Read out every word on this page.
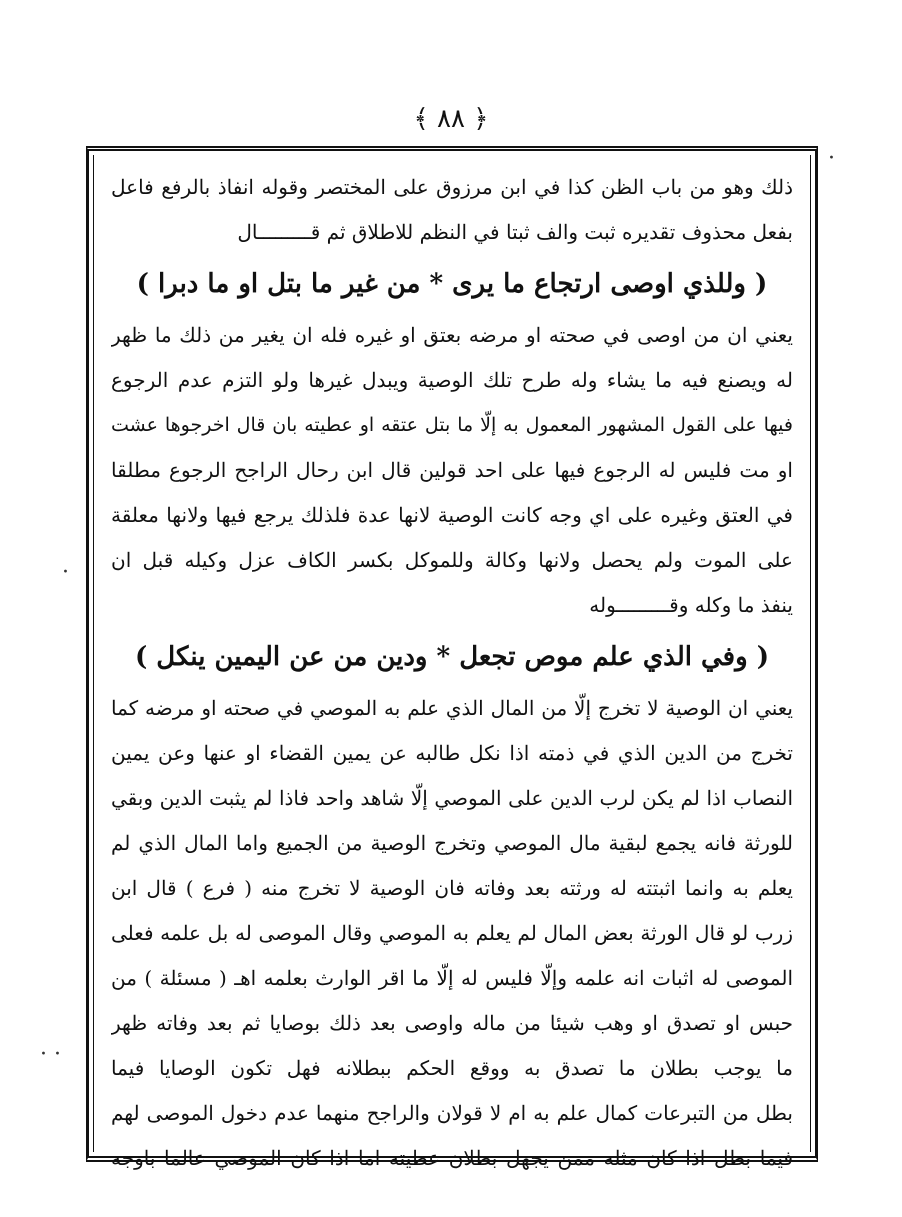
﴿ ٨٨ ﴾
·
·
· ·
ذلك وهو من باب الظن كذا في ابن مرزوق على المختصر وقوله انفاذ بالرفع فاعل
بفعل محذوف تقديره ثبت والف ثبتا في النظم للاطلاق ثم قـــــــــال
( وللذي اوصى ارتجاع ما يرى * من غير ما بتل او ما دبرا )
يعني ان من اوصى في صحته او مرضه بعتق او غيره فله ان يغير من ذلك ما ظهر
له ويصنع فيه ما يشاء وله طرح تلك الوصية ويبدل غيرها ولو التزم عدم الرجوع
فيها على القول المشهور المعمول به إلّا ما بتل عتقه او عطيته بان قال اخرجوها عشت
او مت فليس له الرجوع فيها على احد قولين قال ابن رحال الراجح الرجوع مطلقا
في العتق وغيره على اي وجه كانت الوصية لانها عدة فلذلك يرجع فيها ولانها معلقة
على الموت ولم يحصل ولانها وكالة وللموكل بكسر الكاف عزل وكيله قبل ان
ينفذ ما وكله وقـــــــــوله
( وفي الذي علم موص تجعل * ودين من عن اليمين ينكل )
يعني ان الوصية لا تخرج إلّا من المال الذي علم به الموصي في صحته او مرضه كما
تخرج من الدين الذي في ذمته اذا نكل طالبه عن يمين القضاء او عنها وعن يمين
النصاب اذا لم يكن لرب الدين على الموصي إلّا شاهد واحد فاذا لم يثبت الدين وبقي
للورثة فانه يجمع لبقية مال الموصي وتخرج الوصية من الجميع واما المال الذي لم
يعلم به وانما اثبتته له ورثته بعد وفاته فان الوصية لا تخرج منه ( فرع ) قال ابن
زرب لو قال الورثة بعض المال لم يعلم به الموصي وقال الموصى له بل علمه فعلى
الموصى له اثبات انه علمه وإلّا فليس له إلّا ما اقر الوارث بعلمه اهـ ( مسئلة ) من
حبس او تصدق او وهب شيئا من ماله واوصى بعد ذلك بوصايا ثم بعد وفاته ظهر
ما يوجب بطلان ما تصدق به ووقع الحكم ببطلانه فهل تكون الوصايا فيما
بطل من التبرعات كمال علم به ام لا قولان والراجح منهما عدم دخول الموصى لهم
فيما بطل اذا كان مثله ممن يجهل بطلان عطيته اما اذا كان الموصي عالما باوجه
